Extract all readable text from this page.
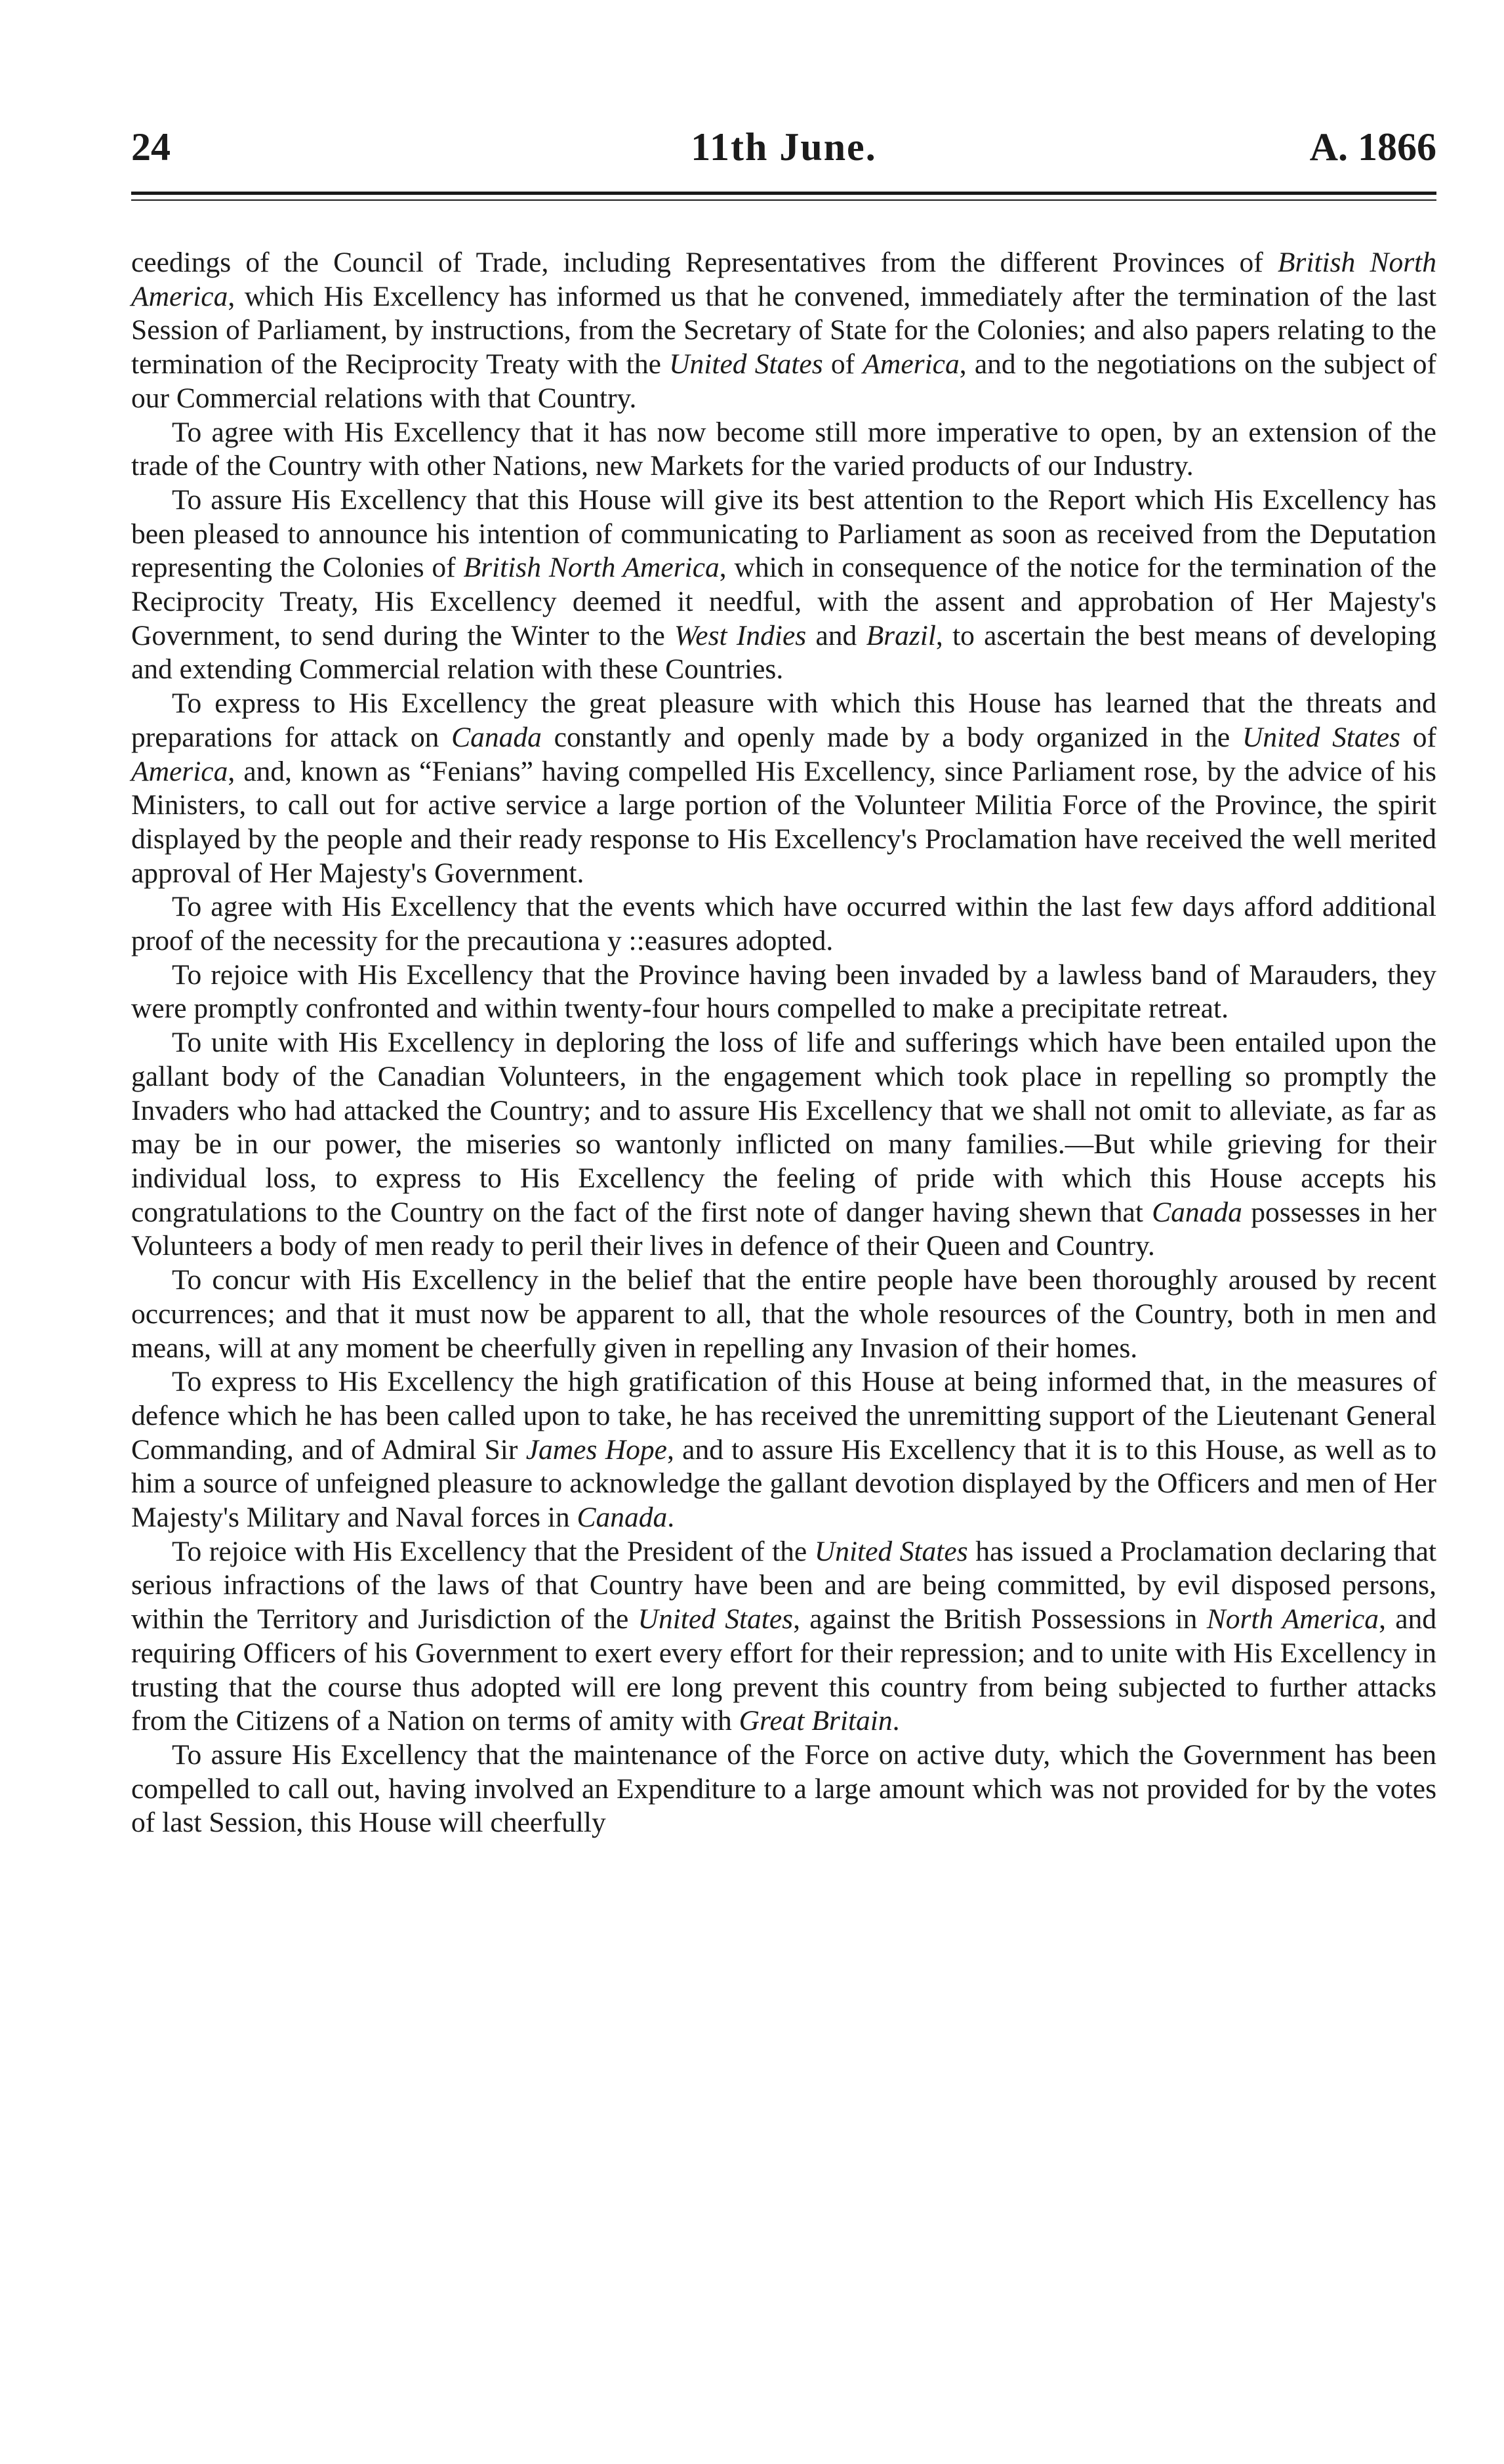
24	11th June.	A. 1866

ceedings of the Council of Trade, including Representatives from the different Provinces of British North America, which His Excellency has informed us that he convened, immediately after the termination of the last Session of Parliament, by instructions, from the Secretary of State for the Colonies; and also papers relating to the termination of the Reciprocity Treaty with the United States of America, and to the negotiations on the subject of our Commercial relations with that Country.

To agree with His Excellency that it has now become still more imperative to open, by an extension of the trade of the Country with other Nations, new Markets for the varied products of our Industry.

To assure His Excellency that this House will give its best attention to the Report which His Excellency has been pleased to announce his intention of communicating to Parliament as soon as received from the Deputation representing the Colonies of British North America, which in consequence of the notice for the termination of the Reciprocity Treaty, His Excellency deemed it needful, with the assent and approbation of Her Majesty's Government, to send during the Winter to the West Indies and Brazil, to ascertain the best means of developing and extending Commercial relation with these Countries.

To express to His Excellency the great pleasure with which this House has learned that the threats and preparations for attack on Canada constantly and openly made by a body organized in the United States of America, and, known as “Fenians” having compelled His Excellency, since Parliament rose, by the advice of his Ministers, to call out for active service a large portion of the Volunteer Militia Force of the Province, the spirit displayed by the people and their ready response to His Excellency's Proclamation have received the well merited approval of Her Majesty's Government.

To agree with His Excellency that the events which have occurred within the last few days afford additional proof of the necessity for the precautiona y ::easures adopted.

To rejoice with His Excellency that the Province having been invaded by a lawless band of Marauders, they were promptly confronted and within twenty-four hours compelled to make a precipitate retreat.

To unite with His Excellency in deploring the loss of life and sufferings which have been entailed upon the gallant body of the Canadian Volunteers, in the engagement which took place in repelling so promptly the Invaders who had attacked the Country; and to assure His Excellency that we shall not omit to alleviate, as far as may be in our power, the miseries so wantonly inflicted on many families.—But while grieving for their individual loss, to express to His Excellency the feeling of pride with which this House accepts his congratulations to the Country on the fact of the first note of danger having shewn that Canada possesses in her Volunteers a body of men ready to peril their lives in defence of their Queen and Country.

To concur with His Excellency in the belief that the entire people have been thoroughly aroused by recent occurrences; and that it must now be apparent to all, that the whole resources of the Country, both in men and means, will at any moment be cheerfully given in repelling any Invasion of their homes.

To express to His Excellency the high gratification of this House at being informed that, in the measures of defence which he has been called upon to take, he has received the unremitting support of the Lieutenant General Commanding, and of Admiral Sir James Hope, and to assure His Excellency that it is to this House, as well as to him a source of unfeigned pleasure to acknowledge the gallant devotion displayed by the Officers and men of Her Majesty's Military and Naval forces in Canada.

To rejoice with His Excellency that the President of the United States has issued a Proclamation declaring that serious infractions of the laws of that Country have been and are being committed, by evil disposed persons, within the Territory and Jurisdiction of the United States, against the British Possessions in North America, and requiring Officers of his Government to exert every effort for their repression; and to unite with His Excellency in trusting that the course thus adopted will ere long prevent this country from being subjected to further attacks from the Citizens of a Nation on terms of amity with Great Britain.

To assure His Excellency that the maintenance of the Force on active duty, which the Government has been compelled to call out, having involved an Expenditure to a large amount which was not provided for by the votes of last Session, this House will cheerfully
